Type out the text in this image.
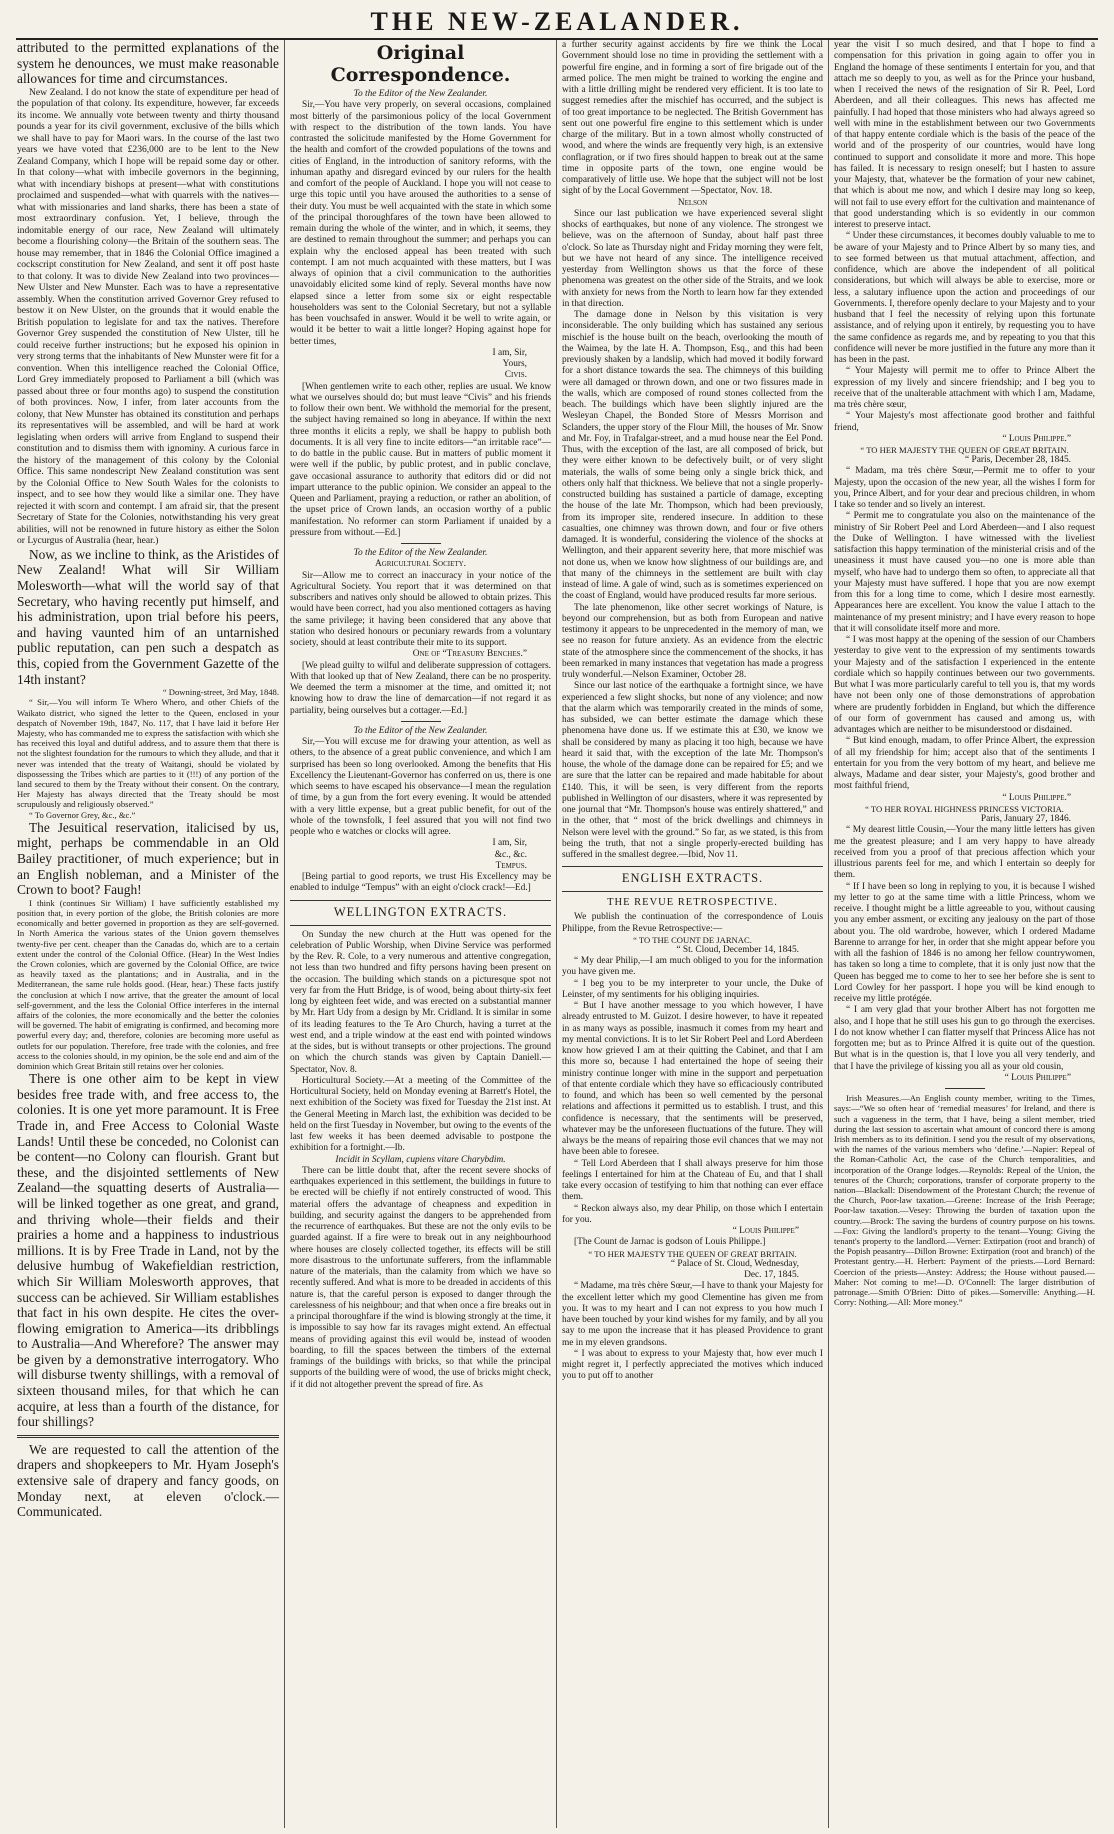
THE NEW-ZEALANDER.

attributed to the permitted explanations of the system he denounces, we must make reasonable allowances for time and circumstances.

New Zealand. I do not know the state of expenditure per head of the population of that colony. Its expenditure, however, far exceeds its income. We annually vote between twenty and thirty thousand pounds a year for its civil government, exclusive of the bills which we shall have to pay for Maori wars. In the course of the last two years we have voted that £236,000 are to be lent to the New Zealand Company, which I hope will be repaid some day or other. In that colony—what with imbecile governors in the beginning, what with incendiary bishops at present—what with constitutions proclaimed and suspended—what with quarrels with the natives—what with missionaries and land sharks, there has been a state of most extraordinary confusion. Yet, I believe, through the indomitable energy of our race, New Zealand will ultimately become a flourishing colony—the Britain of the southern seas. The house may remember, that in 1846 the Colonial Office imagined a cockscript constitution for New Zealand, and sent it off post haste to that colony. It was to divide New Zealand into two provinces—New Ulster and New Munster. Each was to have a representative assembly. When the constitution arrived Governor Grey refused to bestow it on New Ulster, on the grounds that it would enable the British population to legislate for and tax the natives. Therefore Governor Grey suspended the constitution of New Ulster, till he could receive further instructions; but he exposed his opinion in very strong terms that the inhabitants of New Munster were fit for a convention. When this intelligence reached the Colonial Office, Lord Grey immediately proposed to Parliament a bill (which was passed about three or four months ago) to suspend the constitution of both provinces. Now, I infer, from later accounts from the colony, that New Munster has obtained its constitution and perhaps its representatives will be assembled, and will be hard at work legislating when orders will arrive from England to suspend their constitution and to dismiss them with ignominy. A curious farce in the history of the management of this colony by the Colonial Office. This same nondescript New Zealand constitution was sent by the Colonial Office to New South Wales for the colonists to inspect, and to see how they would like a similar one. They have rejected it with scorn and contempt. I am afraid sir, that the present Secretary of State for the Colonies, notwithstanding his very great abilities, will not be renowned in future history as either the Solon or Lycurgus of Australia (hear, hear.)

Now, as we incline to think, as the Aristides of New Zealand! What will Sir William Molesworth—what will the world say of that Secretary, who having recently put himself, and his administration, upon trial before his peers, and having vaunted him of an untarnished public reputation, can pen such a despatch as this, copied from the Government Gazette of the 14th instant?

“ Downing-street, 3rd May, 1848.

“ Sir,—You will inform Te Whero Whero, and other Chiefs of the Waikato district, who signed the letter to the Queen, enclosed in your despatch of November 19th, 1847, No. 117, that I have laid it before Her Majesty, who has commanded me to express the satisfaction with which she has received this loyal and dutiful address, and to assure them that there is not the slightest foundation for the rumours to which they allude, and that it never was intended that the treaty of Waitangi, should be violated by dispossessing the Tribes which are parties to it (!!!) of any portion of the land secured to them by the Treaty without their consent. On the contrary, Her Majesty has always directed that the Treaty should be most scrupulously and religiously observed.”

“ To Governor Grey, &c., &c.”

The Jesuitical reservation, italicised by us, might, perhaps be commendable in an Old Bailey practitioner, of much experience; but in an English nobleman, and a Minister of the Crown to boot? Faugh!

I think (continues Sir William) I have sufficiently established my position that, in every portion of the globe, the British colonies are more economically and better governed in proportion as they are self-governed. In North America the various states of the Union govern themselves twenty-five per cent. cheaper than the Canadas do, which are to a certain extent under the control of the Colonial Office. (Hear) In the West Indies the Crown colonies, which are governed by the Colonial Office, are twice as heavily taxed as the plantations; and in Australia, and in the Mediterranean, the same rule holds good. (Hear, hear.) These facts justify the conclusion at which I now arrive, that the greater the amount of local self-government, and the less the Colonial Office interferes in the internal affairs of the colonies, the more economically and the better the colonies will be governed. The habit of emigrating is confirmed, and becoming more powerful every day; and, therefore, colonies are becoming more useful as outlets for our population. Therefore, free trade with the colonies, and free access to the colonies should, in my opinion, be the sole end and aim of the dominion which Great Britain still retains over her colonies.

There is one other aim to be kept in view besides free trade with, and free access to, the colonies. It is one yet more paramount. It is Free Trade in, and Free Access to Colonial Waste Lands! Until these be conceded, no Colonist can be content—no Colony can flourish. Grant but these, and the disjointed settlements of New Zealand—the squatting deserts of Australia—will be linked together as one great, and grand, and thriving whole—their fields and their prairies a home and a happiness to industrious millions. It is by Free Trade in Land, not by the delusive humbug of Wakefieldian restriction, which Sir William Molesworth approves, that success can be achieved. Sir William establishes that fact in his own despite. He cites the over-flowing emigration to America—its dribblings to Australia—And Wherefore? The answer may be given by a demonstrative interrogatory. Who will disburse twenty shillings, with a removal of sixteen thousand miles, for that which he can acquire, at less than a fourth of the distance, for four shillings?

We are requested to call the attention of the drapers and shopkeepers to Mr. Hyam Joseph's extensive sale of drapery and fancy goods, on Monday next, at eleven o'clock.—Communicated.

Original Correspondence.

To the Editor of the New Zealander.

Sir,—You have very properly, on several occasions, complained most bitterly of the parsimonious policy of the local Government with respect to the distribution of the town lands. You have contrasted the solicitude manifested by the Home Government for the health and comfort of the crowded populations of the towns and cities of England, in the introduction of sanitory reforms, with the inhuman apathy and disregard evinced by our rulers for the health and comfort of the people of Auckland. I hope you will not cease to urge this topic until you have aroused the authorities to a sense of their duty. You must be well acquainted with the state in which some of the principal thoroughfares of the town have been allowed to remain during the whole of the winter, and in which, it seems, they are destined to remain throughout the summer; and perhaps you can explain why the enclosed appeal has been treated with such contempt. I am not much acquainted with these matters, but I was always of opinion that a civil communication to the authorities unavoidably elicited some kind of reply. Several months have now elapsed since a letter from some six or eight respectable householders was sent to the Colonial Secretary, but not a syllable has been vouchsafed in answer. Would it be well to write again, or would it be better to wait a little longer? Hoping against hope for better times,

I am, Sir,

Yours,

Civis.

[When gentlemen write to each other, replies are usual. We know what we ourselves should do; but must leave “Civis” and his friends to follow their own bent. We withhold the memorial for the present, the subject having remained so long in abeyance. If within the next three months it elicits a reply, we shall be happy to publish both documents. It is all very fine to incite editors—“an irritable race”—to do battle in the public cause. But in matters of public moment it were well if the public, by public protest, and in public conclave, gave occasional assurance to authority that editors did or did not impart utterance to the public opinion. We consider an appeal to the Queen and Parliament, praying a reduction, or rather an abolition, of the upset price of Crown lands, an occasion worthy of a public manifestation. No reformer can storm Parliament if unaided by a pressure from without.—Ed.]

To the Editor of the New Zealander.

Agricultural Society.

Sir—Allow me to correct an inaccuracy in your notice of the Agricultural Society. You report that it was determined on that subscribers and natives only should be allowed to obtain prizes. This would have been correct, had you also mentioned cottagers as having the same privilege; it having been considered that any above that station who desired honours or pecuniary rewards from a voluntary society, should at least contribute their mite to its support.

One of “Treasury Benches.”

[We plead guilty to wilful and deliberate suppression of cottagers. With that looked up that of New Zealand, there can be no prosperity. We deemed the term a misnomer at the time, and omitted it; not knowing how to draw the line of demarcation—if not regard it as partiality, being ourselves but a cottager.—Ed.]

To the Editor of the New Zealander.

Sir,—You will excuse me for drawing your attention, as well as others, to the absence of a great public convenience, and which I am surprised has been so long overlooked. Among the benefits that His Excellency the Lieutenant-Governor has conferred on us, there is one which seems to have escaped his observance—I mean the regulation of time, by a gun from the fort every evening. It would be attended with a very little expense, but a great public benefit, for out of the whole of the townsfolk, I feel assured that you will not find two people who e watches or clocks will agree.

I am, Sir,

&c., &c.

Tempus.

[Being partial to good reports, we trust His Excellency may be enabled to indulge “Tempus” with an eight o'clock crack!—Ed.]

WELLINGTON EXTRACTS.

On Sunday the new church at the Hutt was opened for the celebration of Public Worship, when Divine Service was performed by the Rev. R. Cole, to a very numerous and attentive congregation, not less than two hundred and fifty persons having been present on the occasion. The building which stands on a picturesque spot not very far from the Hutt Bridge, is of wood, being about thirty-six feet long by eighteen feet wide, and was erected on a substantial manner by Mr. Hart Udy from a design by Mr. Cridland. It is similar in some of its leading features to the Te Aro Church, having a turret at the west end, and a triple window at the east end with pointed windows at the sides, but is without transepts or other projections. The ground on which the church stands was given by Captain Daniell.—Spectator, Nov. 8.

Horticultural Society.—At a meeting of the Committee of the Horticultural Society, held on Monday evening at Barrett's Hotel, the next exhibition of the Society was fixed for Tuesday the 21st inst. At the General Meeting in March last, the exhibition was decided to be held on the first Tuesday in November, but owing to the events of the last few weeks it has been deemed advisable to postpone the exhibition for a fortnight.—Ib.

Incidit in Scyllam, cupiens vitare Charybdim.

There can be little doubt that, after the recent severe shocks of earthquakes experienced in this settlement, the buildings in future to be erected will be chiefly if not entirely constructed of wood. This material offers the advantage of cheapness and expedition in building, and security against the dangers to be apprehended from the recurrence of earthquakes. But these are not the only evils to be guarded against. If a fire were to break out in any neighbourhood where houses are closely collected together, its effects will be still more disastrous to the unfortunate sufferers, from the inflammable nature of the materials, than the calamity from which we have so recently suffered. And what is more to be dreaded in accidents of this nature is, that the careful person is exposed to danger through the carelessness of his neighbour; and that when once a fire breaks out in a principal thoroughfare if the wind is blowing strongly at the time, it is impossible to say how far its ravages might extend. An effectual means of providing against this evil would be, instead of wooden boarding, to fill the spaces between the timbers of the external framings of the buildings with bricks, so that while the principal supports of the building were of wood, the use of bricks might check, if it did not altogether prevent the spread of fire. As

a further security against accidents by fire we think the Local Government should lose no time in providing the settlement with a powerful fire engine, and in forming a sort of fire brigade out of the armed police. The men might be trained to working the engine and with a little drilling might be rendered very efficient. It is too late to suggest remedies after the mischief has occurred, and the subject is of too great importance to be neglected. The British Government has sent out one powerful fire engine to this settlement which is under charge of the military. But in a town almost wholly constructed of wood, and where the winds are frequently very high, is an extensive conflagration, or if two fires should happen to break out at the same time in opposite parts of the town, one engine would be comparatively of little use. We hope that the subject will not be lost sight of by the Local Government —Spectator, Nov. 18.

Nelson

Since our last publication we have experienced several slight shocks of earthquakes, but none of any violence. The strongest we believe, was on the afternoon of Sunday, about half past three o'clock. So late as Thursday night and Friday morning they were felt, but we have not heard of any since. The intelligence received yesterday from Wellington shows us that the force of these phenomena was greatest on the other side of the Straits, and we look with anxiety for news from the North to learn how far they extended in that direction.

The damage done in Nelson by this visitation is very inconsiderable. The only building which has sustained any serious mischief is the house built on the beach, overlooking the mouth of the Waimea, by the late H. A. Thompson, Esq., and this had been previously shaken by a landslip, which had moved it bodily forward for a short distance towards the sea. The chimneys of this building were all damaged or thrown down, and one or two fissures made in the walls, which are composed of round stones collected from the beach. The buildings which have been slightly injured are the Wesleyan Chapel, the Bonded Store of Messrs Morrison and Sclanders, the upper story of the Flour Mill, the houses of Mr. Snow and Mr. Foy, in Trafalgar-street, and a mud house near the Eel Pond. Thus, with the exception of the last, are all composed of brick, but they were either known to be defectively built, or of very slight materials, the walls of some being only a single brick thick, and others only half that thickness. We believe that not a single properly-constructed building has sustained a particle of damage, excepting the house of the late Mr. Thompson, which had been previously, from its improper site, rendered insecure. In addition to these casualties, one chimney was thrown down, and four or five others damaged. It is wonderful, considering the violence of the shocks at Wellington, and their apparent severity here, that more mischief was not done us, when we know how slightness of our buildings are, and that many of the chimneys in the settlement are built with clay instead of lime. A gale of wind, such as is sometimes experienced on the coast of England, would have produced results far more serious.

The late phenomenon, like other secret workings of Nature, is beyond our comprehension, but as both from European and native testimony it appears to be unprecedented in the memory of man, we see no reason for future anxiety. As an evidence from the electric state of the atmosphere since the commencement of the shocks, it has been remarked in many instances that vegetation has made a progress truly wonderful.—Nelson Examiner, October 28.

Since our last notice of the earthquake a fortnight since, we have experienced a few slight shocks, but none of any violence; and now that the alarm which was temporarily created in the minds of some, has subsided, we can better estimate the damage which these phenomena have done us. If we estimate this at £30, we know we shall be considered by many as placing it too high, because we have heard it said that, with the exception of the late Mr. Thompson's house, the whole of the damage done can be repaired for £5; and we are sure that the latter can be repaired and made habitable for about £140. This, it will be seen, is very different from the reports published in Wellington of our disasters, where it was represented by one journal that “Mr. Thompson's house was entirely shattered,” and in the other, that “ most of the brick dwellings and chimneys in Nelson were level with the ground.” So far, as we stated, is this from being the truth, that not a single properly-erected building has suffered in the smallest degree.—Ibid, Nov 11.

ENGLISH EXTRACTS.
THE REVUE RETROSPECTIVE.

We publish the continuation of the correspondence of Louis Philippe, from the Revue Retrospective:—

“ TO THE COUNT DE JARNAC.

“ St. Cloud, December 14, 1845.

“ My dear Philip,—I am much obliged to you for the information you have given me.

“ I beg you to be my interpreter to your uncle, the Duke of Leinster, of my sentiments for his obliging inquiries.

“ But I have another message to you which however, I have already entrusted to M. Guizot. I desire however, to have it repeated in as many ways as possible, inasmuch it comes from my heart and my mental convictions. It is to let Sir Robert Peel and Lord Aberdeen know how grieved I am at their quitting the Cabinet, and that I am this more so, because I had entertained the hope of seeing their ministry continue longer with mine in the support and perpetuation of that entente cordiale which they have so efficaciously contributed to found, and which has been so well cemented by the personal relations and affections it permitted us to establish. I trust, and this confidence is necessary, that the sentiments will be preserved, whatever may be the unforeseen fluctuations of the future. They will always be the means of repairing those evil chances that we may not have been able to foresee.

“ Tell Lord Aberdeen that I shall always preserve for him those feelings I entertained for him at the Chateau of Eu, and that I shall take every occasion of testifying to him that nothing can ever efface them.

“ Reckon always also, my dear Philip, on those which I entertain for you.

“ Louis Philippe”

[The Count de Jarnac is godson of Louis Philippe.]

“ TO HER MAJESTY THE QUEEN OF GREAT BRITAIN.

“ Palace of St. Cloud, Wednesday,

Dec. 17, 1845.

“ Madame, ma très chère Sœur,—I have to thank your Majesty for the excellent letter which my good Clementine has given me from you. It was to my heart and I can not express to you how much I have been touched by your kind wishes for my family, and by all you say to me upon the increase that it has pleased Providence to grant me in my eleven grandsons.

“ I was about to express to your Majesty that, how ever much I might regret it, I perfectly appreciated the motives which induced you to put off to another

year the visit I so much desired, and that I hope to find a compensation for this privation in going again to offer you in England the homage of these sentiments I entertain for you, and that attach me so deeply to you, as well as for the Prince your husband, when I received the news of the resignation of Sir R. Peel, Lord Aberdeen, and all their colleagues. This news has affected me painfully. I had hoped that those ministers who had always agreed so well with mine in the establishment between our two Governments of that happy entente cordiale which is the basis of the peace of the world and of the prosperity of our countries, would have long continued to support and consolidate it more and more. This hope has failed. It is necessary to resign oneself; but I hasten to assure your Majesty, that, whatever be the formation of your new cabinet, that which is about me now, and which I desire may long so keep, will not fail to use every effort for the cultivation and maintenance of that good understanding which is so evidently in our common interest to preserve intact.

“ Under these circumstances, it becomes doubly valuable to me to be aware of your Majesty and to Prince Albert by so many ties, and to see formed between us that mutual attachment, affection, and confidence, which are above the independent of all political considerations, but which will always be able to exercise, more or less, a salutary influence upon the action and proceedings of our Governments. I, therefore openly declare to your Majesty and to your husband that I feel the necessity of relying upon this fortunate assistance, and of relying upon it entirely, by requesting you to have the same confidence as regards me, and by repeating to you that this confidence will never be more justified in the future any more than it has been in the past.

“ Your Majesty will permit me to offer to Prince Albert the expression of my lively and sincere friendship; and I beg you to receive that of the unalterable attachment with which I am, Madame, ma très chère sœur,

“ Your Majesty's most affectionate good brother and faithful friend,

“ Louis Philippe.”

“ TO HER MAJESTY THE QUEEN OF GREAT BRITAIN.

“ Paris, December 28, 1845.

“ Madam, ma très chère Sœur,—Permit me to offer to your Majesty, upon the occasion of the new year, all the wishes I form for you, Prince Albert, and for your dear and precious children, in whom I take so tender and so lively an interest.

“ Permit me to congratulate you also on the maintenance of the ministry of Sir Robert Peel and Lord Aberdeen—and I also request the Duke of Wellington. I have witnessed with the liveliest satisfaction this happy termination of the ministerial crisis and of the uneasiness it must have caused you—no one is more able than myself, who have had to undergo them so often, to appreciate all that your Majesty must have suffered. I hope that you are now exempt from this for a long time to come, which I desire most earnestly. Appearances here are excellent. You know the value I attach to the maintenance of my present ministry; and I have every reason to hope that it will consolidate itself more and more.

“ I was most happy at the opening of the session of our Chambers yesterday to give vent to the expression of my sentiments towards your Majesty and of the satisfaction I experienced in the entente cordiale which so happily continues between our two governments. But what I was more particularly careful to tell you is, that my words have not been only one of those demonstrations of approbation where are prudently forbidden in England, but which the difference of our form of government has caused and among us, with advantages which are neither to be misunderstood or disdained.

“ But kind enough, madam, to offer Prince Albert, the expression of all my friendship for him; accept also that of the sentiments I entertain for you from the very bottom of my heart, and believe me always, Madame and dear sister, your Majesty's, good brother and most faithful friend,

“ Louis Philippe.”

“ TO HER ROYAL HIGHNESS PRINCESS VICTORIA.

Paris, January 27, 1846.

“ My dearest little Cousin,—Your the many little letters has given me the greatest pleasure; and I am very happy to have already received from you a proof of that precious affection which your illustrious parents feel for me, and which I entertain so deeply for them.

“ If I have been so long in replying to you, it is because I wished my letter to go at the same time with a little Princess, whom we receive. I thought might be a little agreeable to you, without causing you any ember assment, or exciting any jealousy on the part of those about you. The old wardrobe, however, which I ordered Madame Barenne to arrange for her, in order that she might appear before you with all the fashion of 1846 is no among her fellow countrywomen, has taken so long a time to complete, that it is only just now that the Queen has begged me to come to her to see her before she is sent to Lord Cowley for her passport. I hope you will be kind enough to receive my little protégée.

“ I am very glad that your brother Albert has not forgotten me also, and I hope that he still uses his gun to go through the exercises. I do not know whether I can flatter myself that Princess Alice has not forgotten me; but as to Prince Alfred it is quite out of the question. But what is in the question is, that I love you all very tenderly, and that I have the privilege of kissing you all as your old cousin,

“ Louis Philippe”

Irish Measures.—An English county member, writing to the Times, says:—“We so often hear of ‘remedial measures’ for Ireland, and there is such a vagueness in the term, that I have, being a silent member, tried during the last session to ascertain what amount of concord there is among Irish members as to its definition. I send you the result of my observations, with the names of the various members who ‘define.’—Napier: Repeal of the Roman-Catholic Act, the case of the Church temporalities, and incorporation of the Orange lodges.—Reynolds: Repeal of the Union, the tenures of the Church; corporations, transfer of corporate property to the nation—Blackall: Disendowment of the Protestant Church; the revenue of the Church, Poor-law taxation.—Greene: Increase of the Irish Peerage; Poor-law taxation.—Vesey: Throwing the burden of taxation upon the country.—Brock: The saving the burdens of country purpose on his towns.—Fox: Giving the landlord's property to the tenant—Young: Giving the tenant's property to the landlord.—Verner: Extirpation (root and branch) of the Popish peasantry—Dillon Browne: Extirpation (root and branch) of the Protestant gentry.—H. Herbert: Payment of the priests.—Lord Bernard: Coercion of the priests—Anstey: Address; the House without paused.—Maher: Not coming to me!—D. O'Connell: The larger distribution of patronage.—Smith O'Brien: Ditto of pikes.—Somerville: Anything.—H. Corry: Nothing.—All: More money.”
